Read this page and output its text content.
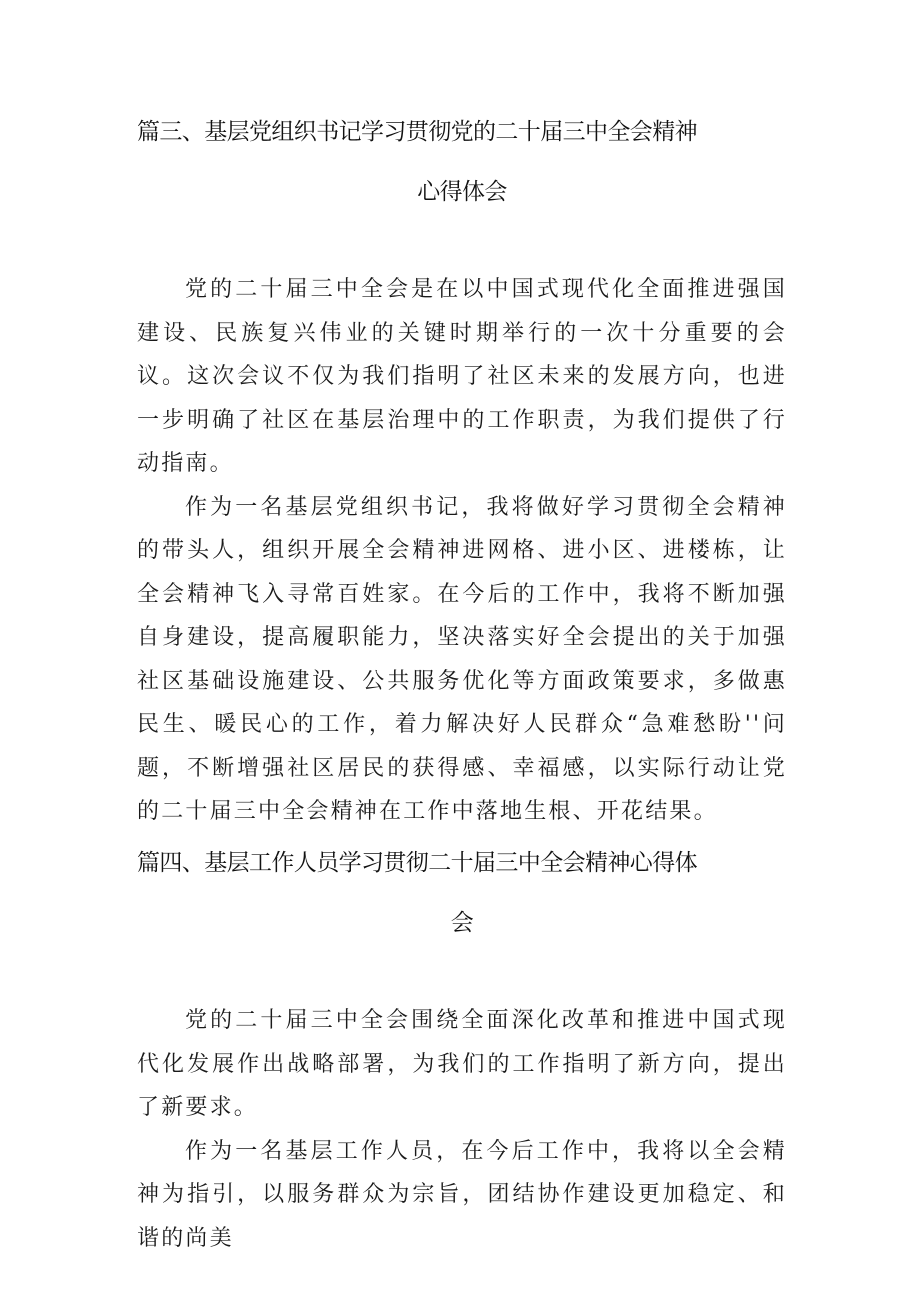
篇三、基层党组织书记学习贯彻党的二十届三中全会精神
心得体会

党的二十届三中全会是在以中国式现代化全面推进强国建设、民族复兴伟业的关键时期举行的一次十分重要的会议。这次会议不仅为我们指明了社区未来的发展方向，也进一步明确了社区在基层治理中的工作职责，为我们提供了行动指南。

作为一名基层党组织书记，我将做好学习贯彻全会精神的带头人，组织开展全会精神进网格、进小区、进楼栋，让全会精神飞入寻常百姓家。在今后的工作中，我将不断加强自身建设，提高履职能力，坚决落实好全会提出的关于加强社区基础设施建设、公共服务优化等方面政策要求，多做惠民生、暖民心的工作，着力解决好人民群众“急难愁盼''问题，不断增强社区居民的获得感、幸福感，以实际行动让党的二十届三中全会精神在工作中落地生根、开花结果。

篇四、基层工作人员学习贯彻二十届三中全会精神心得体
会

党的二十届三中全会围绕全面深化改革和推进中国式现代化发展作出战略部署，为我们的工作指明了新方向，提出了新要求。

作为一名基层工作人员，在今后工作中，我将以全会精神为指引，以服务群众为宗旨，团结协作建设更加稳定、和谐的尚美
